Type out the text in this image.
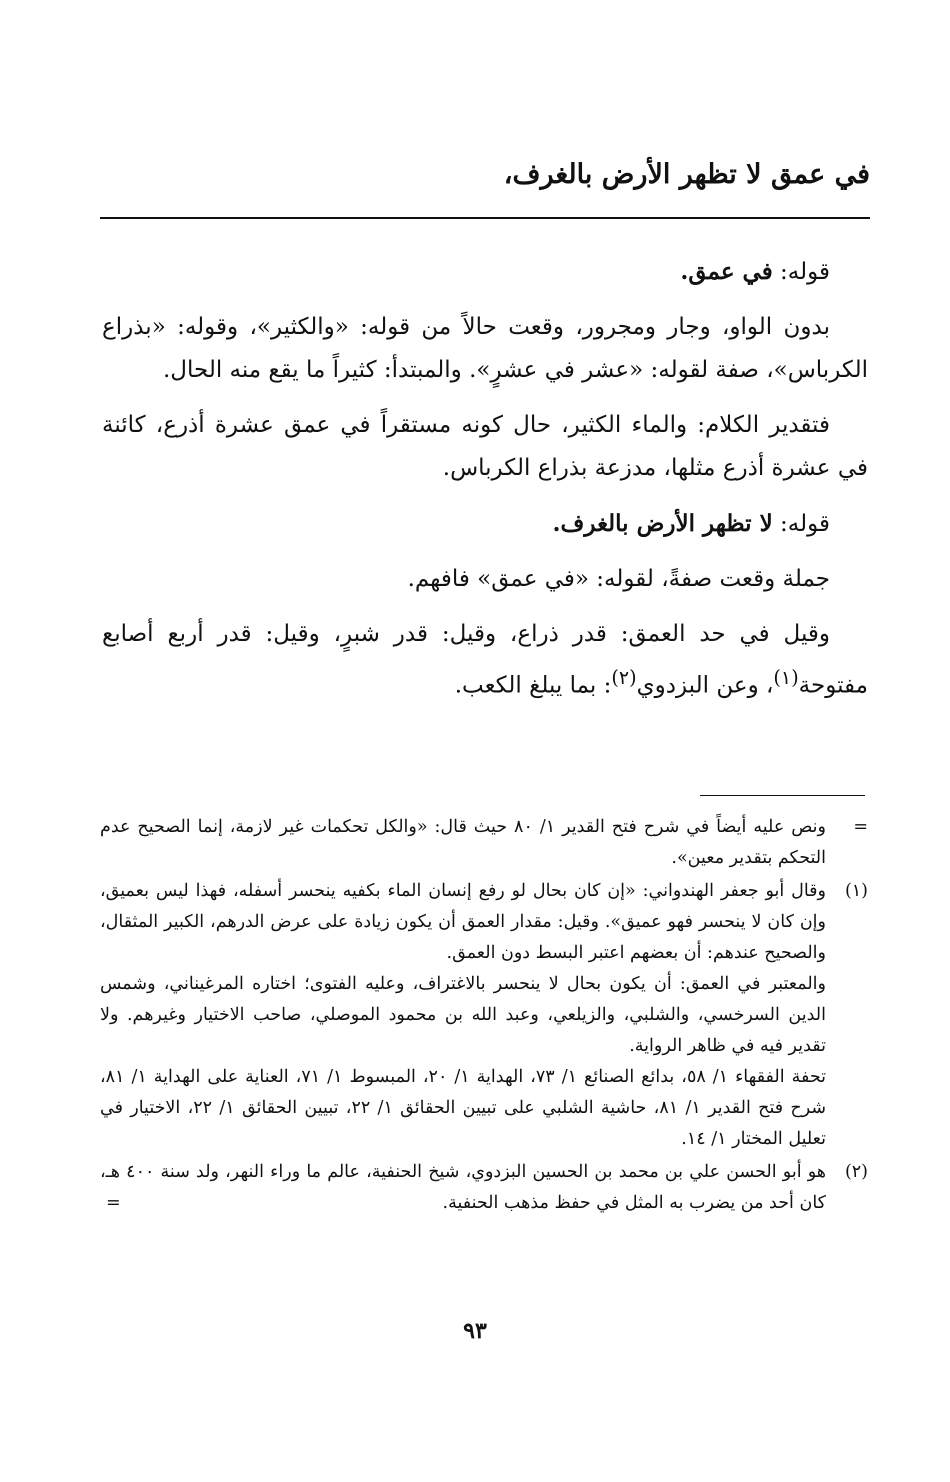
في عمق لا تظهر الأرض بالغرف،

قوله: في عمق.

بدون الواو، وجار ومجرور، وقعت حالاً من قوله: «والكثير»، وقوله: «بذراع الكرباس»، صفة لقوله: «عشر في عشرٍ». والمبتدأ: كثيراً ما يقع منه الحال.

فتقدير الكلام: والماء الكثير، حال كونه مستقراً في عمق عشرة أذرع، كائنة في عشرة أذرع مثلها، مدزعة بذراع الكرباس.

قوله: لا تظهر الأرض بالغرف.

جملة وقعت صفةً، لقوله: «في عمق» فافهم.

وقيل في حد العمق: قدر ذراع، وقيل: قدر شبرٍ، وقيل: قدر أربع أصابع مفتوحة$^{(١)}$، وعن البزدوي$^{(٢)}$: بما يبلغ الكعب.

=
ونص عليه أيضاً في شرح فتح القدير ١/ ٨٠ حيث قال: «والكل تحكمات غير لازمة، إنما الصحيح عدم التحكم بتقدير معين».
(١)
وقال أبو جعفر الهندواني: «إن كان بحال لو رفع إنسان الماء بكفيه ينحسر أسفله، فهذا ليس بعميق، وإن كان لا ينحسر فهو عميق». وقيل: مقدار العمق أن يكون زيادة على عرض الدرهم، الكبير المثقال، والصحيح عندهم: أن بعضهم اعتبر البسط دون العمق.
والمعتبر في العمق: أن يكون بحال لا ينحسر بالاغتراف، وعليه الفتوى؛ اختاره المرغيناني، وشمس الدين السرخسي، والشلبي، والزيلعي، وعبد الله بن محمود الموصلي، صاحب الاختيار وغيرهم. ولا تقدير فيه في ظاهر الرواية.
تحفة الفقهاء ١/ ٥٨، بدائع الصنائع ١/ ٧٣، الهداية ١/ ٢٠، المبسوط ١/ ٧١، العناية على الهداية ١/ ٨١، شرح فتح القدير ١/ ٨١، حاشية الشلبي على تبيين الحقائق ١/ ٢٢، تبيين الحقائق ١/ ٢٢، الاختيار في تعليل المختار ١/ ١٤.
(٢)
هو أبو الحسن علي بن محمد بن الحسين البزدوي، شيخ الحنفية، عالم ما وراء النهر، ولد سنة ٤٠٠ هـ، كان أحد من يضرب به المثل في حفظ مذهب الحنفية.
=
٩٣
